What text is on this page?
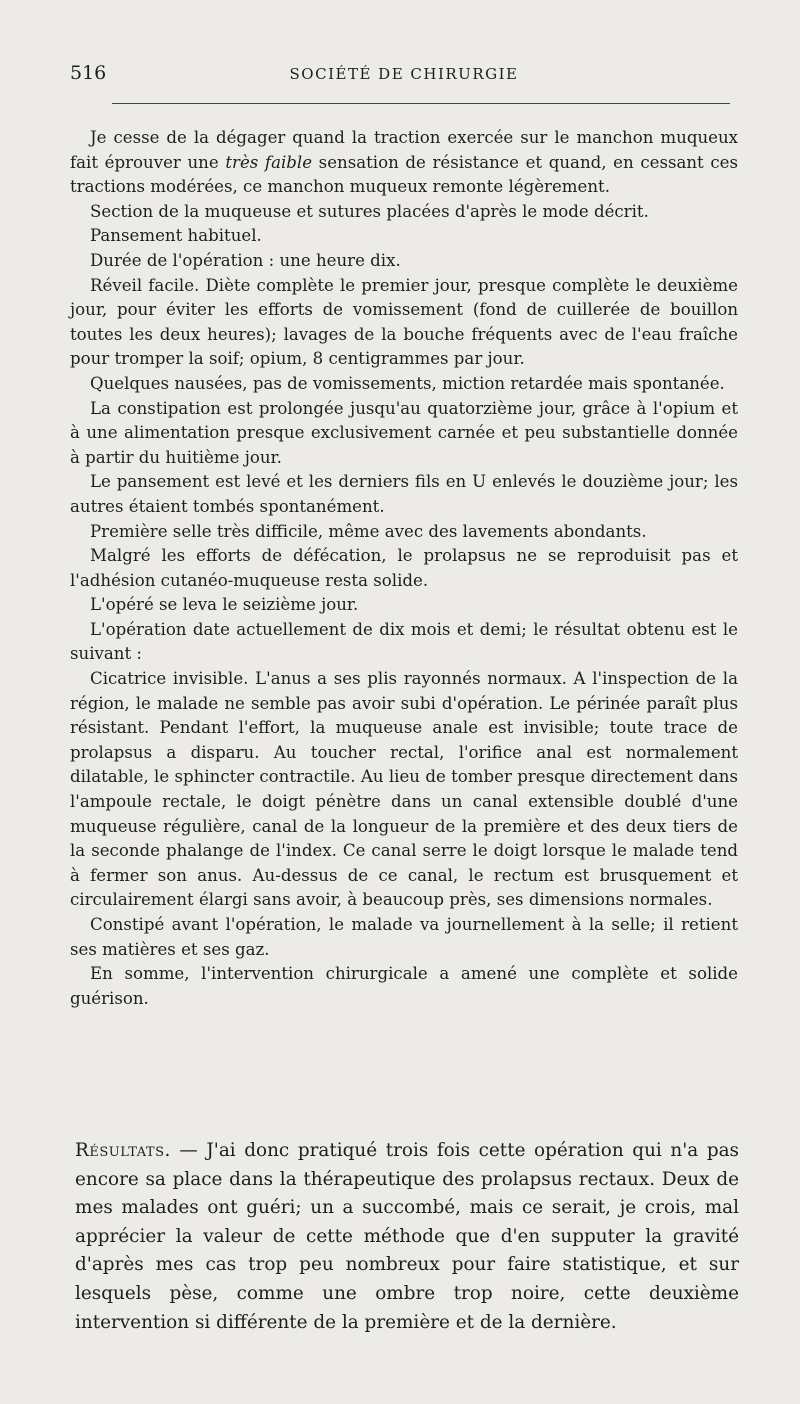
516	SOCIÉTÉ DE CHIRURGIE

Je cesse de la dégager quand la traction exercée sur le manchon muqueux fait éprouver une très faible sensation de résistance et quand, en cessant ces tractions modérées, ce manchon muqueux remonte légèrement.

Section de la muqueuse et sutures placées d'après le mode décrit.

Pansement habituel.

Durée de l'opération : une heure dix.

Réveil facile. Diète complète le premier jour, presque complète le deuxième jour, pour éviter les efforts de vomissement (fond de cuillerée de bouillon toutes les deux heures); lavages de la bouche fréquents avec de l'eau fraîche pour tromper la soif; opium, 8 centigrammes par jour.

Quelques nausées, pas de vomissements, miction retardée mais spontanée.

La constipation est prolongée jusqu'au quatorzième jour, grâce à l'opium et à une alimentation presque exclusivement carnée et peu substantielle donnée à partir du huitième jour.

Le pansement est levé et les derniers fils en U enlevés le douzième jour; les autres étaient tombés spontanément.

Première selle très difficile, même avec des lavements abondants.

Malgré les efforts de défécation, le prolapsus ne se reproduisit pas et l'adhésion cutanéo-muqueuse resta solide.

L'opéré se leva le seizième jour.

L'opération date actuellement de dix mois et demi; le résultat obtenu est le suivant :

Cicatrice invisible. L'anus a ses plis rayonnés normaux. A l'inspection de la région, le malade ne semble pas avoir subi d'opération. Le périnée paraît plus résistant. Pendant l'effort, la muqueuse anale est invisible; toute trace de prolapsus a disparu. Au toucher rectal, l'orifice anal est normalement dilatable, le sphincter contractile. Au lieu de tomber presque directement dans l'ampoule rectale, le doigt pénètre dans un canal extensible doublé d'une muqueuse régulière, canal de la longueur de la première et des deux tiers de la seconde phalange de l'index. Ce canal serre le doigt lorsque le malade tend à fermer son anus. Au-dessus de ce canal, le rectum est brusquement et circulairement élargi sans avoir, à beaucoup près, ses dimensions normales.

Constipé avant l'opération, le malade va journellement à la selle; il retient ses matières et ses gaz.

En somme, l'intervention chirurgicale a amené une complète et solide guérison.

Résultats. — J'ai donc pratiqué trois fois cette opération qui n'a pas encore sa place dans la thérapeutique des prolapsus rectaux. Deux de mes malades ont guéri; un a succombé, mais ce serait, je crois, mal apprécier la valeur de cette méthode que d'en supputer la gravité d'après mes cas trop peu nombreux pour faire statistique, et sur lesquels pèse, comme une ombre trop noire, cette deuxième intervention si différente de la première et de la dernière.
